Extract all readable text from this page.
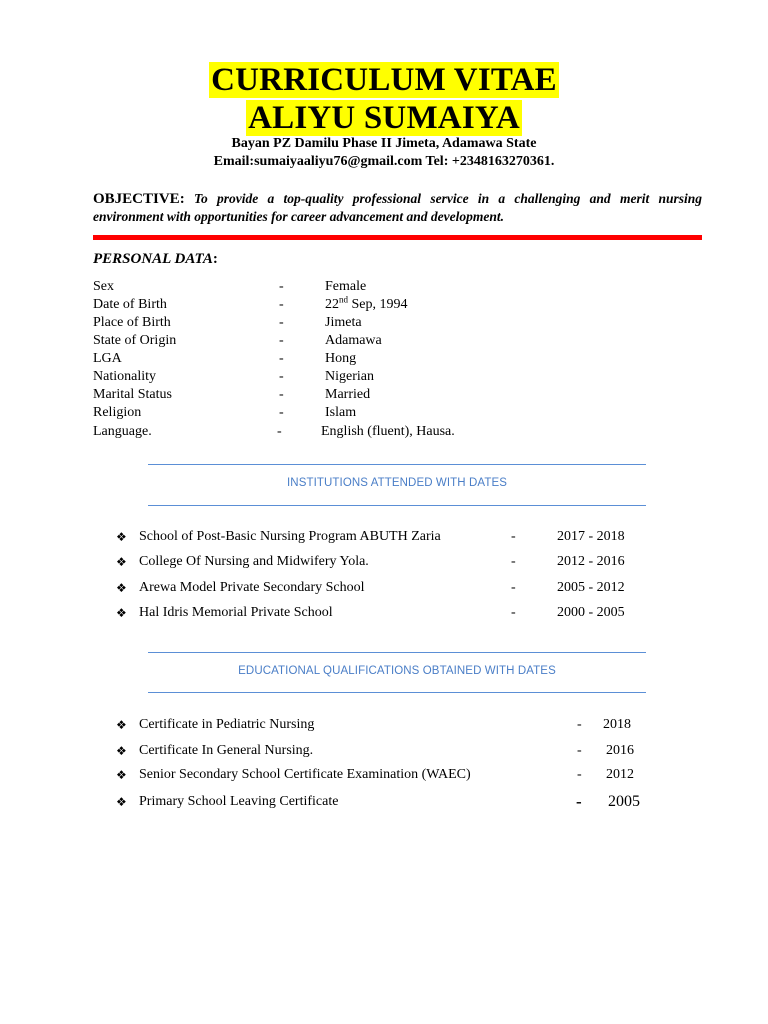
CURRICULUM VITAE
ALIYU SUMAIYA
Bayan PZ Damilu Phase II Jimeta, Adamawa State
Email:sumaiyaaliyu76@gmail.com Tel: +2348163270361.
OBJECTIVE: To provide a top-quality professional service in a challenging and merit nursing environment with opportunities for career advancement and development.
PERSONAL DATA:
Sex	-	Female
Date of Birth	-	22nd Sep, 1994
Place of Birth	-	Jimeta
State of Origin	-	Adamawa
LGA	-	Hong
Nationality	-	Nigerian
Marital Status	-	Married
Religion	-	Islam
Language.	-	English (fluent), Hausa.
INSTITUTIONS ATTENDED WITH DATES
❖ School of Post-Basic Nursing Program ABUTH Zaria	-	2017 - 2018
❖ College Of Nursing and Midwifery Yola.	-	2012 - 2016
❖ Arewa Model Private Secondary School	-	2005 - 2012
❖ Hal Idris Memorial Private School	-	2000 - 2005
EDUCATIONAL QUALIFICATIONS OBTAINED WITH DATES
❖ Certificate in Pediatric Nursing	- 2018
❖ Certificate In General Nursing.	- 2016
❖ Senior Secondary School Certificate Examination (WAEC)	- 2012
❖ Primary School Leaving Certificate	- 2005
